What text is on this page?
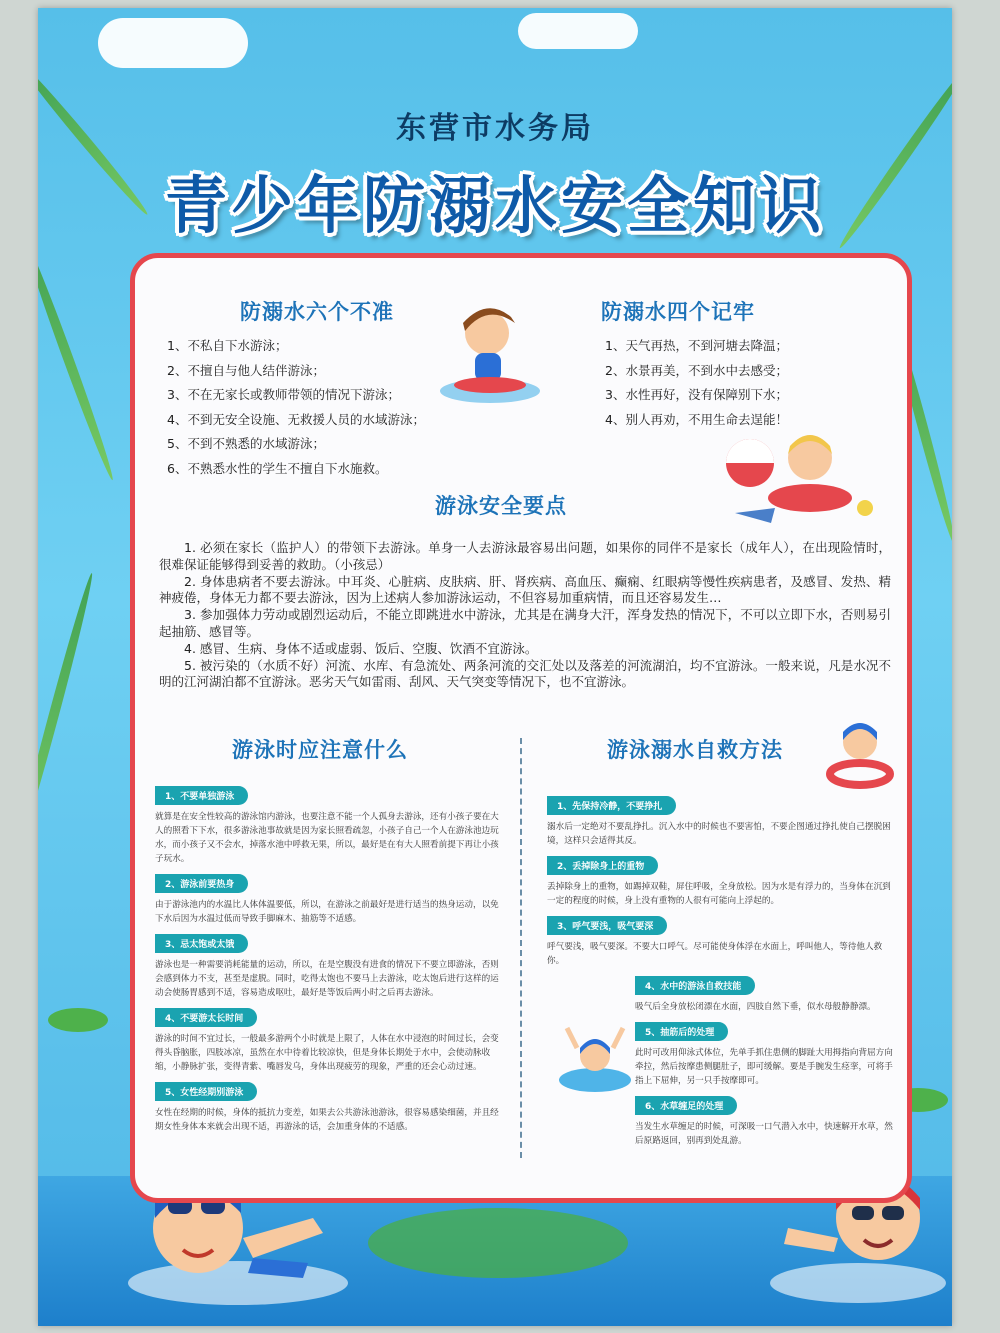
东营市水务局
青少年防溺水安全知识
防溺水六个不准
1、不私自下水游泳；
2、不擅自与他人结伴游泳；
3、不在无家长或教师带领的情况下游泳；
4、不到无安全设施、无救援人员的水域游泳；
5、不到不熟悉的水域游泳；
6、不熟悉水性的学生不擅自下水施救。
防溺水四个记牢
1、天气再热，不到河塘去降温；
2、水景再美，不到水中去感受；
3、水性再好，没有保障别下水；
4、别人再劝，不用生命去逞能！
游泳安全要点

1. 必须在家长（监护人）的带领下去游泳。单身一人去游泳最容易出问题，如果你的同伴不是家长（成年人），在出现险情时，很难保证能够得到妥善的救助。（小孩忌）

2. 身体患病者不要去游泳。中耳炎、心脏病、皮肤病、肝、肾疾病、高血压、癫痫、红眼病等慢性疾病患者，及感冒、发热、精神疲倦，身体无力都不要去游泳，因为上述病人参加游泳运动，不但容易加重病情，而且还容易发生…

3. 参加强体力劳动或剧烈运动后，不能立即跳进水中游泳，尤其是在满身大汗，浑身发热的情况下，不可以立即下水，否则易引起抽筋、感冒等。

4. 感冒、生病、身体不适或虚弱、饭后、空腹、饮酒不宜游泳。

5. 被污染的（水质不好）河流、水库、有急流处、两条河流的交汇处以及落差的河流湖泊，均不宜游泳。一般来说，凡是水况不明的江河湖泊都不宜游泳。恶劣天气如雷雨、刮风、天气突变等情况下，也不宜游泳。

游泳时应注意什么
1、不要单独游泳
就算是在安全性较高的游泳馆内游泳，也要注意不能一个人孤身去游泳，还有小孩子要在大人的照看下下水，很多游泳池事故就是因为家长照看疏忽，小孩子自己一个人在游泳池边玩水，而小孩子又不会水，掉落水池中呼救无果，所以，最好是在有大人照看前提下再让小孩子玩水。
2、游泳前要热身
由于游泳池内的水温比人体体温要低，所以，在游泳之前最好是进行适当的热身运动，以免下水后因为水温过低而导致手脚麻木、抽筋等不适感。
3、忌太饱或太饿
游泳也是一种需要消耗能量的运动，所以，在是空腹没有进食的情况下不要立即游泳，否则会感到体力不支，甚至是虚脱。同时，吃得太饱也不要马上去游泳，吃太饱后进行这样的运动会使肠胃感到不适，容易造成呕吐，最好是等饭后两小时之后再去游泳。
4、不要游太长时间
游泳的时间不宜过长，一般最多游两个小时就是上限了，人体在水中浸泡的时间过长，会变得头昏脑胀，四肢冰凉，虽然在水中待着比较凉快，但是身体长期处于水中，会使动脉收缩，小静脉扩张，变得青紫、嘴唇发乌，身体出现疲劳的现象，严重的还会心动过速。
5、女性经期别游泳
女性在经期的时候，身体的抵抗力变差，如果去公共游泳池游泳，很容易感染细菌，并且经期女性身体本来就会出现不适，再游泳的话，会加重身体的不适感。
游泳溺水自救方法
1、先保持冷静，不要挣扎
溺水后一定绝对不要乱挣扎。沉入水中的时候也不要害怕，不要企图通过挣扎使自己摆脱困境，这样只会适得其反。
2、丢掉除身上的重物
丢掉除身上的重物，如踢掉双鞋，屏住呼吸，全身放松。因为水是有浮力的，当身体在沉到一定的程度的时候，身上没有重物的人很有可能向上浮起的。
3、呼气要浅，吸气要深
呼气要浅，吸气要深。不要大口呼气。尽可能使身体浮在水面上，呼叫他人，等待他人救你。
4、水中的游泳自救技能
吸气后全身放松闭漂在水面，四肢自然下垂，似水母般静静漂。
5、抽筋后的处理
此时可改用仰泳式体位，先单手抓住患侧的脚趾大用拇指向背屈方向牵拉，然后按摩患侧腿肚子，即可缓解。要是手腕发生痉挛，可将手指上下屈伸，另一只手按摩即可。
6、水草缠足的处理
当发生水草缠足的时候，可深吸一口气潜入水中，快速解开水草，然后原路返回，别再到处乱游。
